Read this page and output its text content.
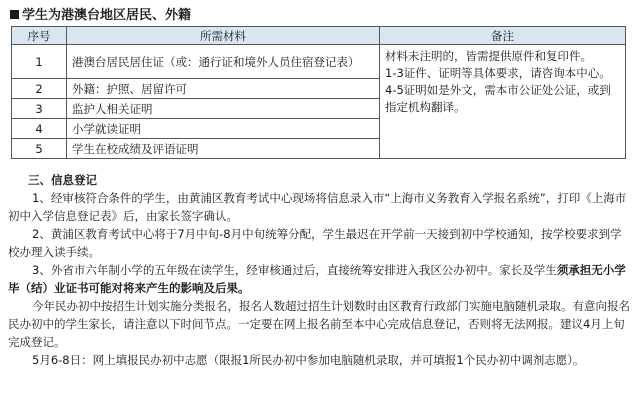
学生为港澳台地区居民、外籍
序号	所需材料	备注
1	港澳台居民居住证（或：通行证和境外人员住宿登记表）	材料未注明的，皆需提供原件和复印件。

1-3证件、证明等具体要求，请咨询本中心。

4-5证明如是外文，需本市公证处公证，或到指定机构翻译。

2	外籍：护照、居留许可	
3	监护人相关证明	
4	小学就读证明	
5	学生在校成绩及评语证明	

三、信息登记

1、经审核符合条件的学生，由黄浦区教育考试中心现场将信息录入市“上海市义务教育入学报名系统”，打印《上海市初中入学信息登记表》后，由家长签字确认。

2、黄浦区教育考试中心将于7月中旬-8月中旬统筹分配，学生最迟在开学前一天接到初中学校通知，按学校要求到学校办理入读手续。

3、外省市六年制小学的五年级在读学生，经审核通过后，直接统筹安排进入我区公办初中。家长及学生须承担无小学毕（结）业证书可能对将来产生的影响及后果。

今年民办初中按招生计划实施分类报名，报名人数超过招生计划数时由区教育行政部门实施电脑随机录取。有意向报名民办初中的学生家长，请注意以下时间节点。一定要在网上报名前至本中心完成信息登记，否则将无法网报。建议4月上旬完成登记。

5月6-8日：网上填报民办初中志愿（限报1所民办初中参加电脑随机录取，并可填报1个民办初中调剂志愿）。
